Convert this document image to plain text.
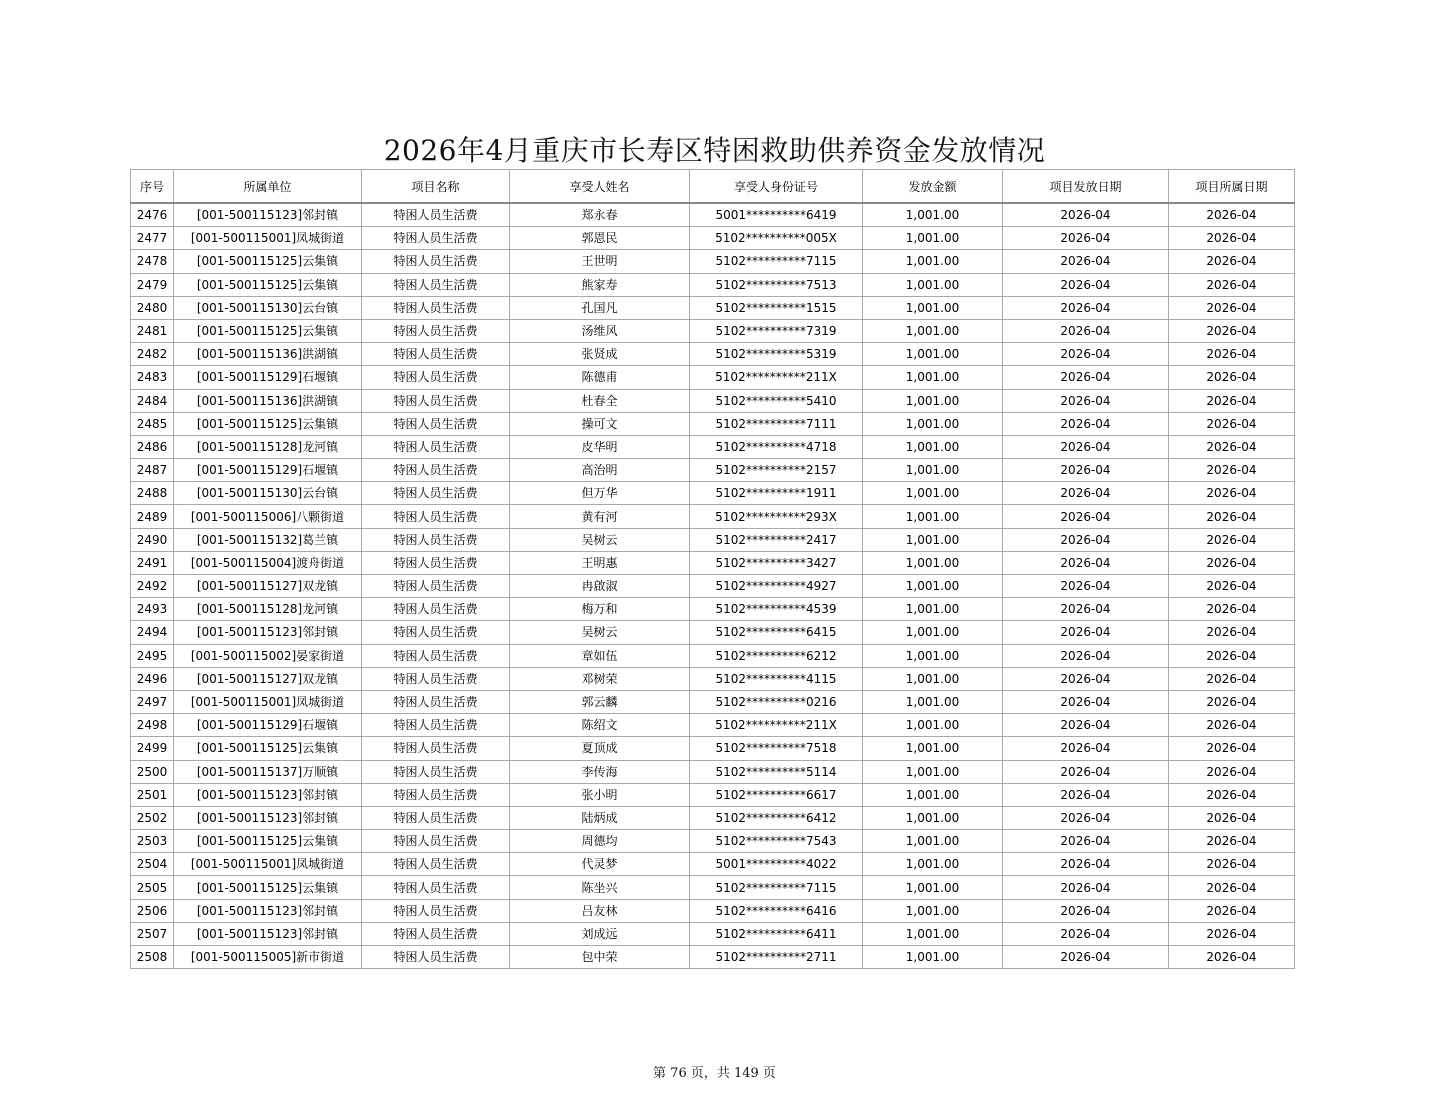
2026年4月重庆市长寿区特困救助供养资金发放情况
序号	所属单位	项目名称	享受人姓名	享受人身份证号	发放金额	项目发放日期	项目所属日期
2476	[001-500115123]邻封镇	特困人员生活费	郑永春	5001**********6419	1,001.00	2026-04	2026-04
2477	[001-500115001]凤城街道	特困人员生活费	郭恩民	5102**********005X	1,001.00	2026-04	2026-04
2478	[001-500115125]云集镇	特困人员生活费	王世明	5102**********7115	1,001.00	2026-04	2026-04
2479	[001-500115125]云集镇	特困人员生活费	熊家寿	5102**********7513	1,001.00	2026-04	2026-04
2480	[001-500115130]云台镇	特困人员生活费	孔国凡	5102**********1515	1,001.00	2026-04	2026-04
2481	[001-500115125]云集镇	特困人员生活费	汤维风	5102**********7319	1,001.00	2026-04	2026-04
2482	[001-500115136]洪湖镇	特困人员生活费	张贤成	5102**********5319	1,001.00	2026-04	2026-04
2483	[001-500115129]石堰镇	特困人员生活费	陈德甫	5102**********211X	1,001.00	2026-04	2026-04
2484	[001-500115136]洪湖镇	特困人员生活费	杜春全	5102**********5410	1,001.00	2026-04	2026-04
2485	[001-500115125]云集镇	特困人员生活费	操可文	5102**********7111	1,001.00	2026-04	2026-04
2486	[001-500115128]龙河镇	特困人员生活费	皮华明	5102**********4718	1,001.00	2026-04	2026-04
2487	[001-500115129]石堰镇	特困人员生活费	高治明	5102**********2157	1,001.00	2026-04	2026-04
2488	[001-500115130]云台镇	特困人员生活费	但万华	5102**********1911	1,001.00	2026-04	2026-04
2489	[001-500115006]八颗街道	特困人员生活费	黄有河	5102**********293X	1,001.00	2026-04	2026-04
2490	[001-500115132]葛兰镇	特困人员生活费	吴树云	5102**********2417	1,001.00	2026-04	2026-04
2491	[001-500115004]渡舟街道	特困人员生活费	王明惠	5102**********3427	1,001.00	2026-04	2026-04
2492	[001-500115127]双龙镇	特困人员生活费	冉啟淑	5102**********4927	1,001.00	2026-04	2026-04
2493	[001-500115128]龙河镇	特困人员生活费	梅万和	5102**********4539	1,001.00	2026-04	2026-04
2494	[001-500115123]邻封镇	特困人员生活费	吴树云	5102**********6415	1,001.00	2026-04	2026-04
2495	[001-500115002]晏家街道	特困人员生活费	章如伍	5102**********6212	1,001.00	2026-04	2026-04
2496	[001-500115127]双龙镇	特困人员生活费	邓树荣	5102**********4115	1,001.00	2026-04	2026-04
2497	[001-500115001]凤城街道	特困人员生活费	郭云麟	5102**********0216	1,001.00	2026-04	2026-04
2498	[001-500115129]石堰镇	特困人员生活费	陈绍文	5102**********211X	1,001.00	2026-04	2026-04
2499	[001-500115125]云集镇	特困人员生活费	夏顶成	5102**********7518	1,001.00	2026-04	2026-04
2500	[001-500115137]万顺镇	特困人员生活费	李传海	5102**********5114	1,001.00	2026-04	2026-04
2501	[001-500115123]邻封镇	特困人员生活费	张小明	5102**********6617	1,001.00	2026-04	2026-04
2502	[001-500115123]邻封镇	特困人员生活费	陆炳成	5102**********6412	1,001.00	2026-04	2026-04
2503	[001-500115125]云集镇	特困人员生活费	周德均	5102**********7543	1,001.00	2026-04	2026-04
2504	[001-500115001]凤城街道	特困人员生活费	代灵梦	5001**********4022	1,001.00	2026-04	2026-04
2505	[001-500115125]云集镇	特困人员生活费	陈坐兴	5102**********7115	1,001.00	2026-04	2026-04
2506	[001-500115123]邻封镇	特困人员生活费	吕友林	5102**********6416	1,001.00	2026-04	2026-04
2507	[001-500115123]邻封镇	特困人员生活费	刘成远	5102**********6411	1,001.00	2026-04	2026-04
2508	[001-500115005]新市街道	特困人员生活费	包中荣	5102**********2711	1,001.00	2026-04	2026-04
第 76 页，共 149 页
